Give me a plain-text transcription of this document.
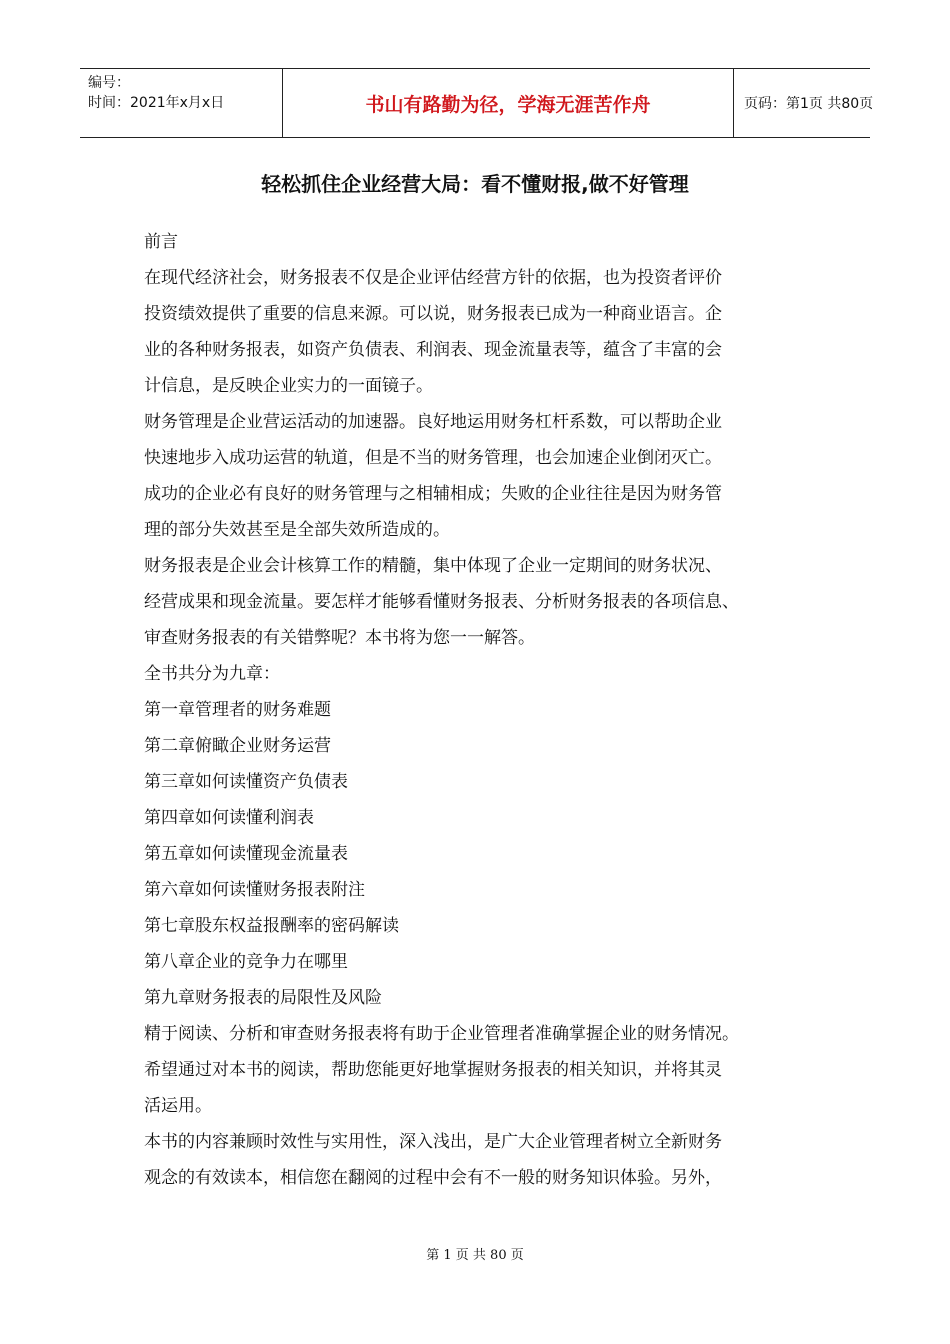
编号：
时间：2021年x月x日	书山有路勤为径，学海无涯苦作舟	页码：第1页 共80页
轻松抓住企业经营大局：看不懂财报,做不好管理

前言

在现代经济社会，财务报表不仅是企业评估经营方针的依据，也为投资者评价

投资绩效提供了重要的信息来源。可以说，财务报表已成为一种商业语言。企

业的各种财务报表，如资产负债表、利润表、现金流量表等，蕴含了丰富的会

计信息，是反映企业实力的一面镜子。

财务管理是企业营运活动的加速器。良好地运用财务杠杆系数，可以帮助企业

快速地步入成功运营的轨道，但是不当的财务管理，也会加速企业倒闭灭亡。

成功的企业必有良好的财务管理与之相辅相成；失败的企业往往是因为财务管

理的部分失效甚至是全部失效所造成的。

财务报表是企业会计核算工作的精髓，集中体现了企业一定期间的财务状况、

经营成果和现金流量。要怎样才能够看懂财务报表、分析财务报表的各项信息、

审查财务报表的有关错弊呢？本书将为您一一解答。

全书共分为九章：

第一章管理者的财务难题

第二章俯瞰企业财务运营

第三章如何读懂资产负债表

第四章如何读懂利润表

第五章如何读懂现金流量表

第六章如何读懂财务报表附注

第七章股东权益报酬率的密码解读

第八章企业的竞争力在哪里

第九章财务报表的局限性及风险

精于阅读、分析和审查财务报表将有助于企业管理者准确掌握企业的财务情况。

希望通过对本书的阅读，帮助您能更好地掌握财务报表的相关知识，并将其灵

活运用。

本书的内容兼顾时效性与实用性，深入浅出，是广大企业管理者树立全新财务

观念的有效读本，相信您在翻阅的过程中会有不一般的财务知识体验。另外，

第 1 页 共 80 页
